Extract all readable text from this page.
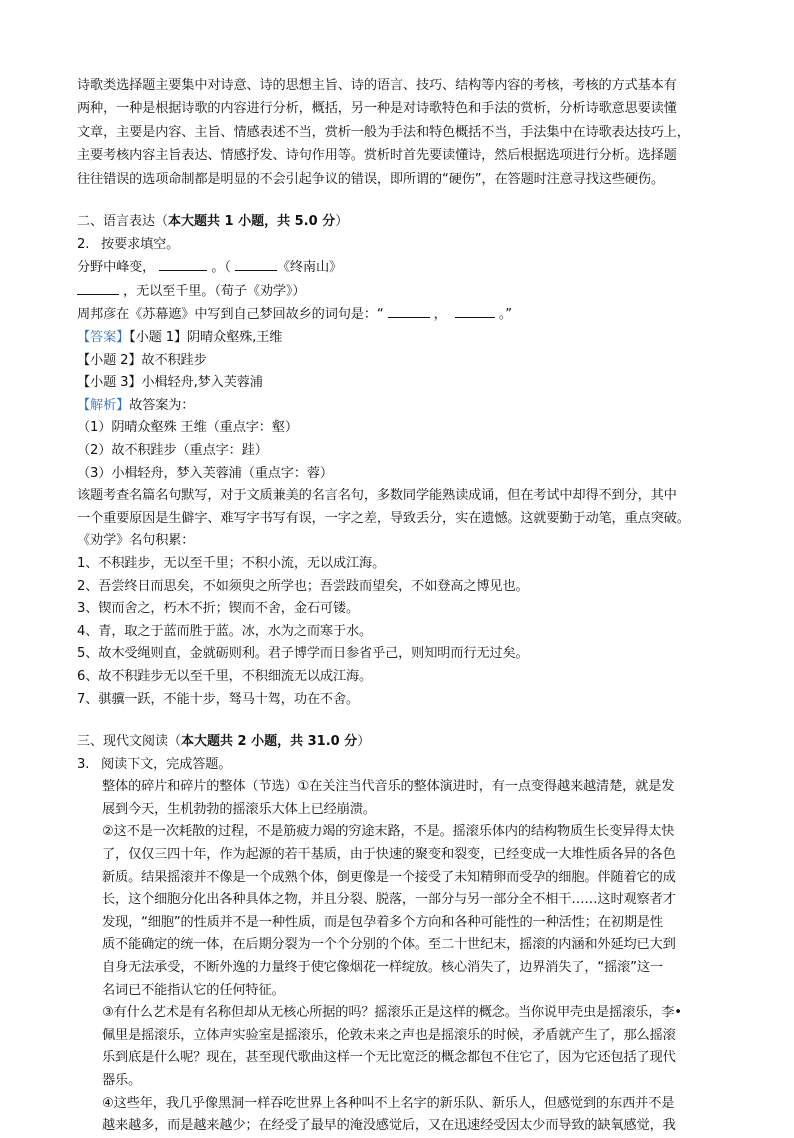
诗歌类选择题主要集中对诗意、诗的思想主旨、诗的语言、技巧、结构等内容的考核，考核的方式基本有

两种，一种是根据诗歌的内容进行分析，概括，另一种是对诗歌特色和手法的赏析，分析诗歌意思要读懂

文章，主要是内容、主旨、情感表述不当，赏析一般为手法和特色概括不当，手法集中在诗歌表达技巧上，

主要考核内容主旨表达、情感抒发、诗句作用等。赏析时首先要读懂诗，然后根据选项进行分析。选择题

往往错误的选项命制都是明显的不会引起争议的错误，即所谓的“硬伤”，在答题时注意寻找这些硬伤。

二、语言表达（本大题共 1 小题，共 5.0 分）

2. 按要求填空。

分野中峰变，	。（	《终南山》

，无以至千里。（荀子《劝学》）

周邦彦在《苏幕遮》中写到自己梦回故乡的词句是：“	，	。”

【答案】【小题 1】阴晴众壑殊,王维

【小题 2】故不积跬步

【小题 3】小楫轻舟,梦入芙蓉浦

【解析】故答案为：

（1）阴晴众壑殊 王维（重点字：壑）

（2）故不积跬步（重点字：跬）

（3）小楫轻舟，梦入芙蓉浦（重点字：蓉）

该题考查名篇名句默写，对于文质兼美的名言名句，多数同学能熟读成诵，但在考试中却得不到分，其中

一个重要原因是生僻字、难写字书写有误，一字之差，导致丢分，实在遗憾。这就要勤于动笔，重点突破。

《劝学》名句积累：

1、不积跬步，无以至千里；不积小流，无以成江海。

2、吾尝终日而思矣，不如须臾之所学也；吾尝跂而望矣，不如登高之博见也。

3、锲而舍之，朽木不折；锲而不舍，金石可镂。

4、青，取之于蓝而胜于蓝。冰，水为之而寒于水。

5、故木受绳则直，金就砺则利。君子博学而日参省乎己，则知明而行无过矣。

6、故不积跬步无以至千里，不积细流无以成江海。

7、骐骥一跃，不能十步，驽马十驾，功在不舍。

三、现代文阅读（本大题共 2 小题，共 31.0 分）

3. 阅读下文，完成答题。

整体的碎片和碎片的整体（节选）①在关注当代音乐的整体演进时，有一点变得越来越清楚，就是发

展到今天，生机勃勃的摇滚乐大体上已经崩溃。

②这不是一次耗散的过程，不是筋疲力竭的穷途末路，不是。摇滚乐体内的结构物质生长变异得太快

了，仅仅三四十年，作为起源的若干基质，由于快速的聚变和裂变，已经变成一大堆性质各异的各色

新质。结果摇滚并不像是一个成熟个体，倒更像是一个接受了未知精卵而受孕的细胞。伴随着它的成

长，这个细胞分化出各种具体之物，并且分裂、脱落，一部分与另一部分全不相干……这时观察者才

发现，“细胞”的性质并不是一种性质，而是包孕着多个方向和各种可能性的一种活性；在初期是性

质不能确定的统一体，在后期分裂为一个个分别的个体。至二十世纪末，摇滚的内涵和外延均已大到

自身无法承受，不断外逸的力量终于使它像烟花一样绽放。核心消失了，边界消失了，“摇滚”这一

名词已不能指认它的任何特征。

③有什么艺术是有名称但却从无核心所据的吗？摇滚乐正是这样的概念。当你说甲壳虫是摇滚乐，李•

佩里是摇滚乐，立体声实验室是摇滚乐，伦敦未来之声也是摇滚乐的时候，矛盾就产生了，那么摇滚

乐到底是什么呢？现在，甚至现代歌曲这样一个无比宽泛的概念都包不住它了，因为它还包括了现代

器乐。

④这些年，我几乎像黑洞一样吞吃世界上各种叫不上名字的新乐队、新乐人，但感觉到的东西并不是

越来越多，而是越来越少；在经受了最早的淹没感觉后，又在迅速经受因太少而导致的缺氧感觉，我
